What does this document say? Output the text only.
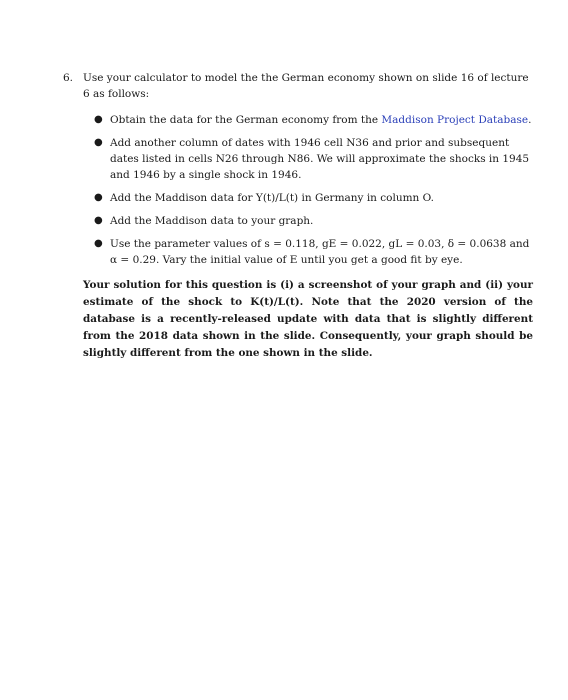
6. Use your calculator to model the the German economy shown on slide 16 of lecture 6 as follows:
● Obtain the data for the German economy from the Maddison Project Database.
● Add another column of dates with 1946 cell N36 and prior and subsequent dates listed in cells N26 through N86. We will approximate the shocks in 1945 and 1946 by a single shock in 1946.
● Add the Maddison data for Y(t)/L(t) in Germany in column O.
● Add the Maddison data to your graph.
● Use the parameter values of s = 0.118, gE = 0.022, gL = 0.03, δ = 0.0638 and α = 0.29. Vary the initial value of E until you get a good fit by eye.

Your solution for this question is (i) a screenshot of your graph and (ii) your estimate of the shock to K(t)/L(t). Note that the 2020 version of the database is a recently-released update with data that is slightly different from the 2018 data shown in the slide. Consequently, your graph should be slightly different from the one shown in the slide.
